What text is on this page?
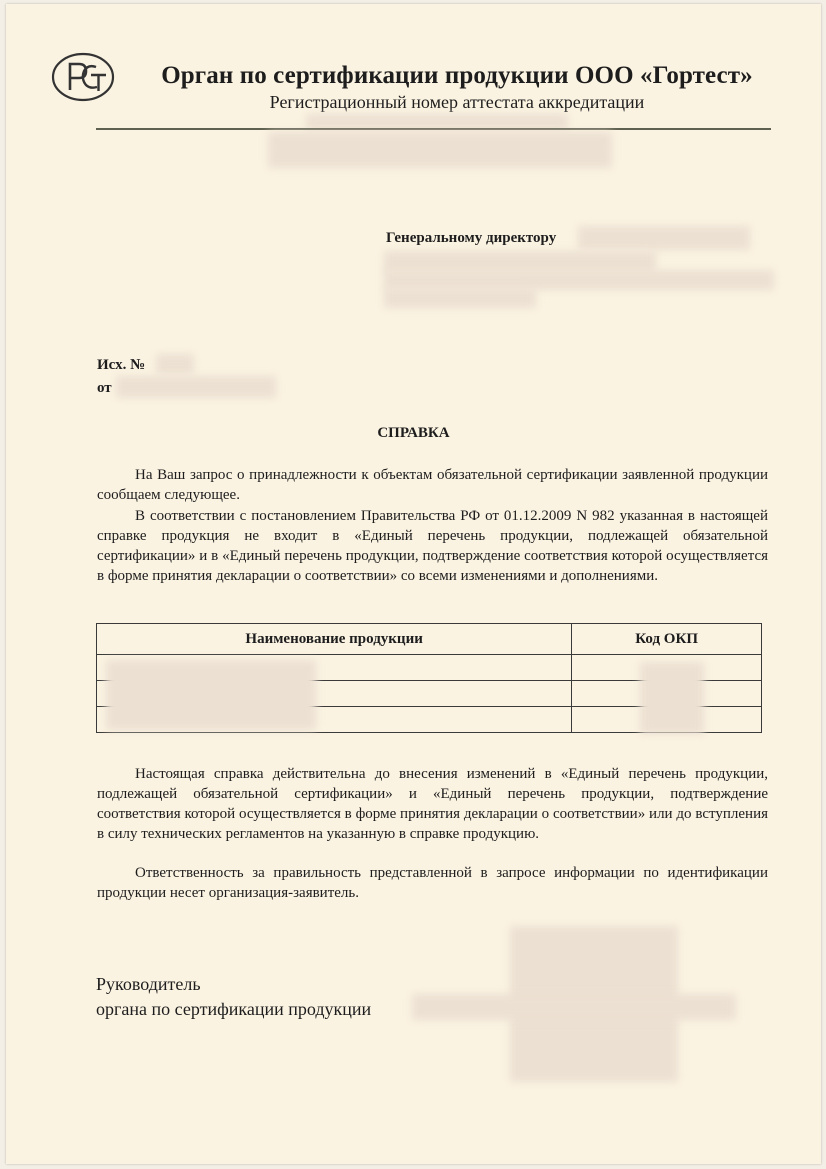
Орган по сертификации продукции ООО «Гортест»
Регистрационный номер аттестата аккредитации
Генеральному директору
Исх. №
от
СПРАВКА

На Ваш запрос о принадлежности к объектам обязательной сертификации заявленной продукции сообщаем следующее.

В соответствии с постановлением Правительства РФ от 01.12.2009 N 982 указанная в настоящей справке продукция не входит в «Единый перечень продукции, подлежащей обязательной сертификации» и в «Единый перечень продукции, подтверждение соответствия которой осуществляется в форме принятия декларации о соответствии» со всеми изменениями и дополнениями.

Наименование продукции	Код ОКП

Настоящая справка действительна до внесения изменений в «Единый перечень продукции, подлежащей обязательной сертификации» и «Единый перечень продукции, подтверждение соответствия которой осуществляется в форме принятия декларации о соответствии» или до вступления в силу технических регламентов на указанную в справке продукцию.

Ответственность за правильность представленной в запросе информации по идентификации продукции несет организация-заявитель.

Руководитель
органа по сертификации продукции
